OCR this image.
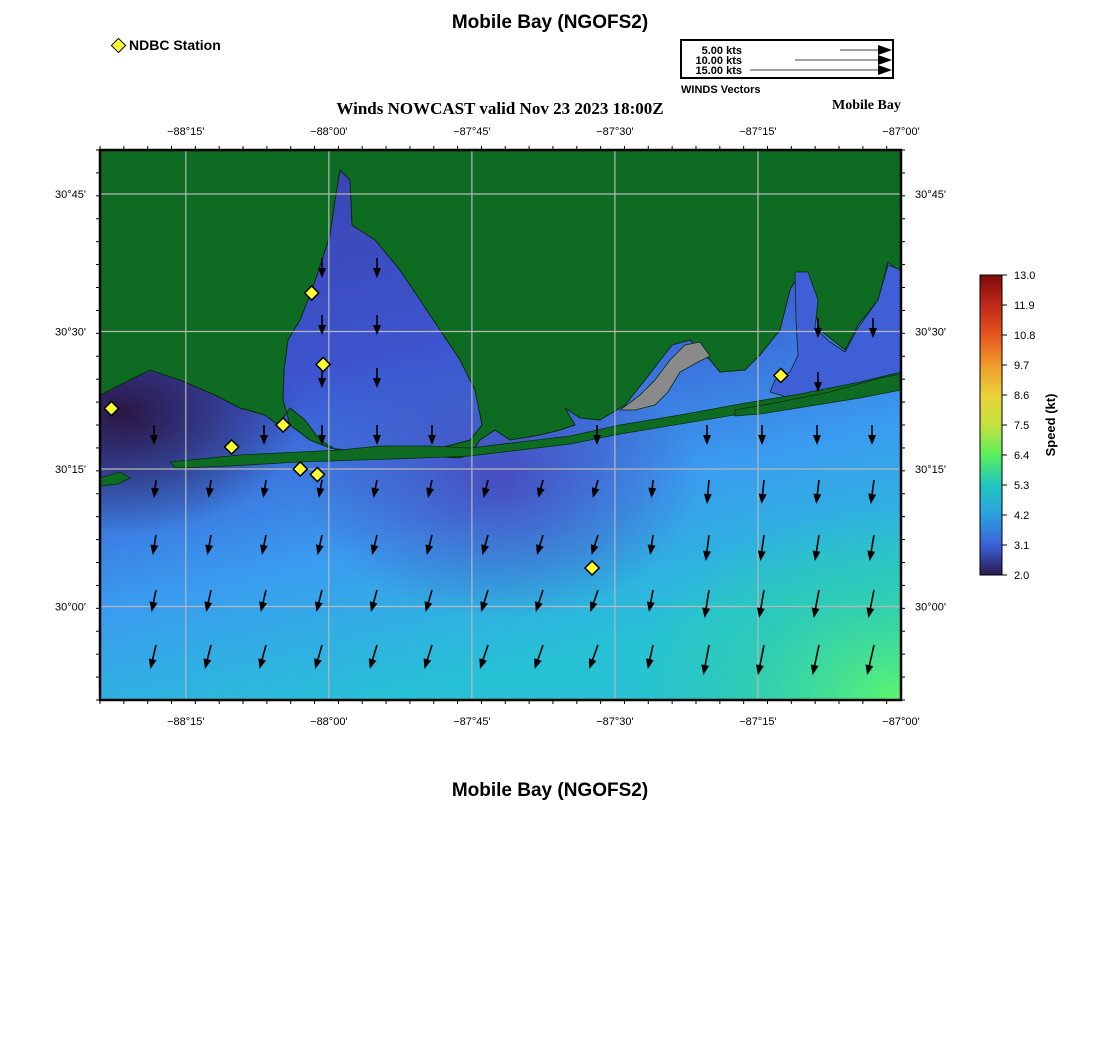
Mobile Bay (NGOFS2)
NDBC Station	5.00 kts
10.00 kts
15.00 kts
WINDS Vectors
Winds NOWCAST valid Nov 23 2023 18:00Z	Mobile Bay
−88°15'	−88°00'	−87°45'	−87°30'	−87°15'	−87°00'
−88°15'	−88°00'	−87°45'	−87°30'	−87°15'	−87°00'
30°45'
30°30'
30°15'
30°00'
30°45'
30°30'
30°15'
30°00'
13.0
11.9
10.8
9.7
8.6
7.5
6.4
5.3
4.2
3.1
2.0
Speed (kt)
Mobile Bay (NGOFS2)
